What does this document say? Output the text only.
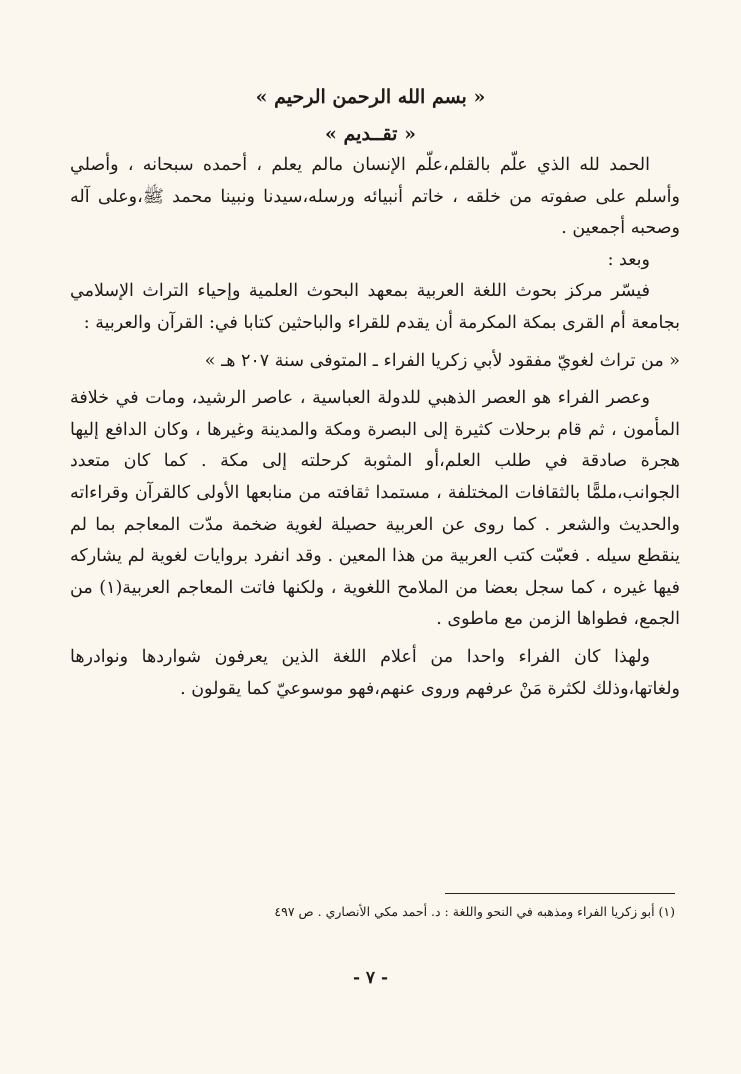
« بسم الله الرحمن الرحيم »
« تقــديم »

الحمد لله الذي علّم بالقلم،علّم الإنسان مالم يعلم ، أحمده سبحانه ، وأصلي وأسلم على صفوته من خلقه ، خاتم أنبيائه ورسله،سيدنا ونبينا محمد ﷺ،وعلى آله وصحبه أجمعين .

وبعد :

فيسّر مركز بحوث اللغة العربية بمعهد البحوث العلمية وإحياء التراث الإسلامي بجامعة أم القرى بمكة المكرمة أن يقدم للقراء والباحثين كتابا في: القرآن والعربية :

« من تراث لغويّ مفقود لأبي زكريا الفراء ـ المتوفى سنة ٢٠٧ هـ »

وعصر الفراء هو العصر الذهبي للدولة العباسية ، عاصر الرشيد، ومات في خلافة المأمون ، ثم قام برحلات كثيرة إلى البصرة ومكة والمدينة وغيرها ، وكان الدافع إليها هجرة صادقة في طلب العلم،أو المثوبة كرحلته إلى مكة . كما كان متعدد الجوانب،ملمًّا بالثقافات المختلفة ، مستمدا ثقافته من منابعها الأولى كالقرآن وقراءاته والحديث والشعر . كما روى عن العربية حصيلة لغوية ضخمة مدّت المعاجم بما لم ينقطع سيله . فعبّت كتب العربية من هذا المعين . وقد انفرد بروايات لغوية لم يشاركه فيها غيره ، كما سجل بعضا من الملامح اللغوية ، ولكنها فاتت المعاجم العربية(١) من الجمع، فطواها الزمن مع ماطوى .

ولهذا كان الفراء واحدا من أعلام اللغة الذين يعرفون شواردها ونوادرها ولغاتها،وذلك لكثرة مَنْ عرفهم وروى عنهم،فهو موسوعيّ كما يقولون .

(١) أبو زكريا الفراء ومذهبه في النحو واللغة : د. أحمد مكي الأنصاري . ص ٤٩٧
- ٧ -
